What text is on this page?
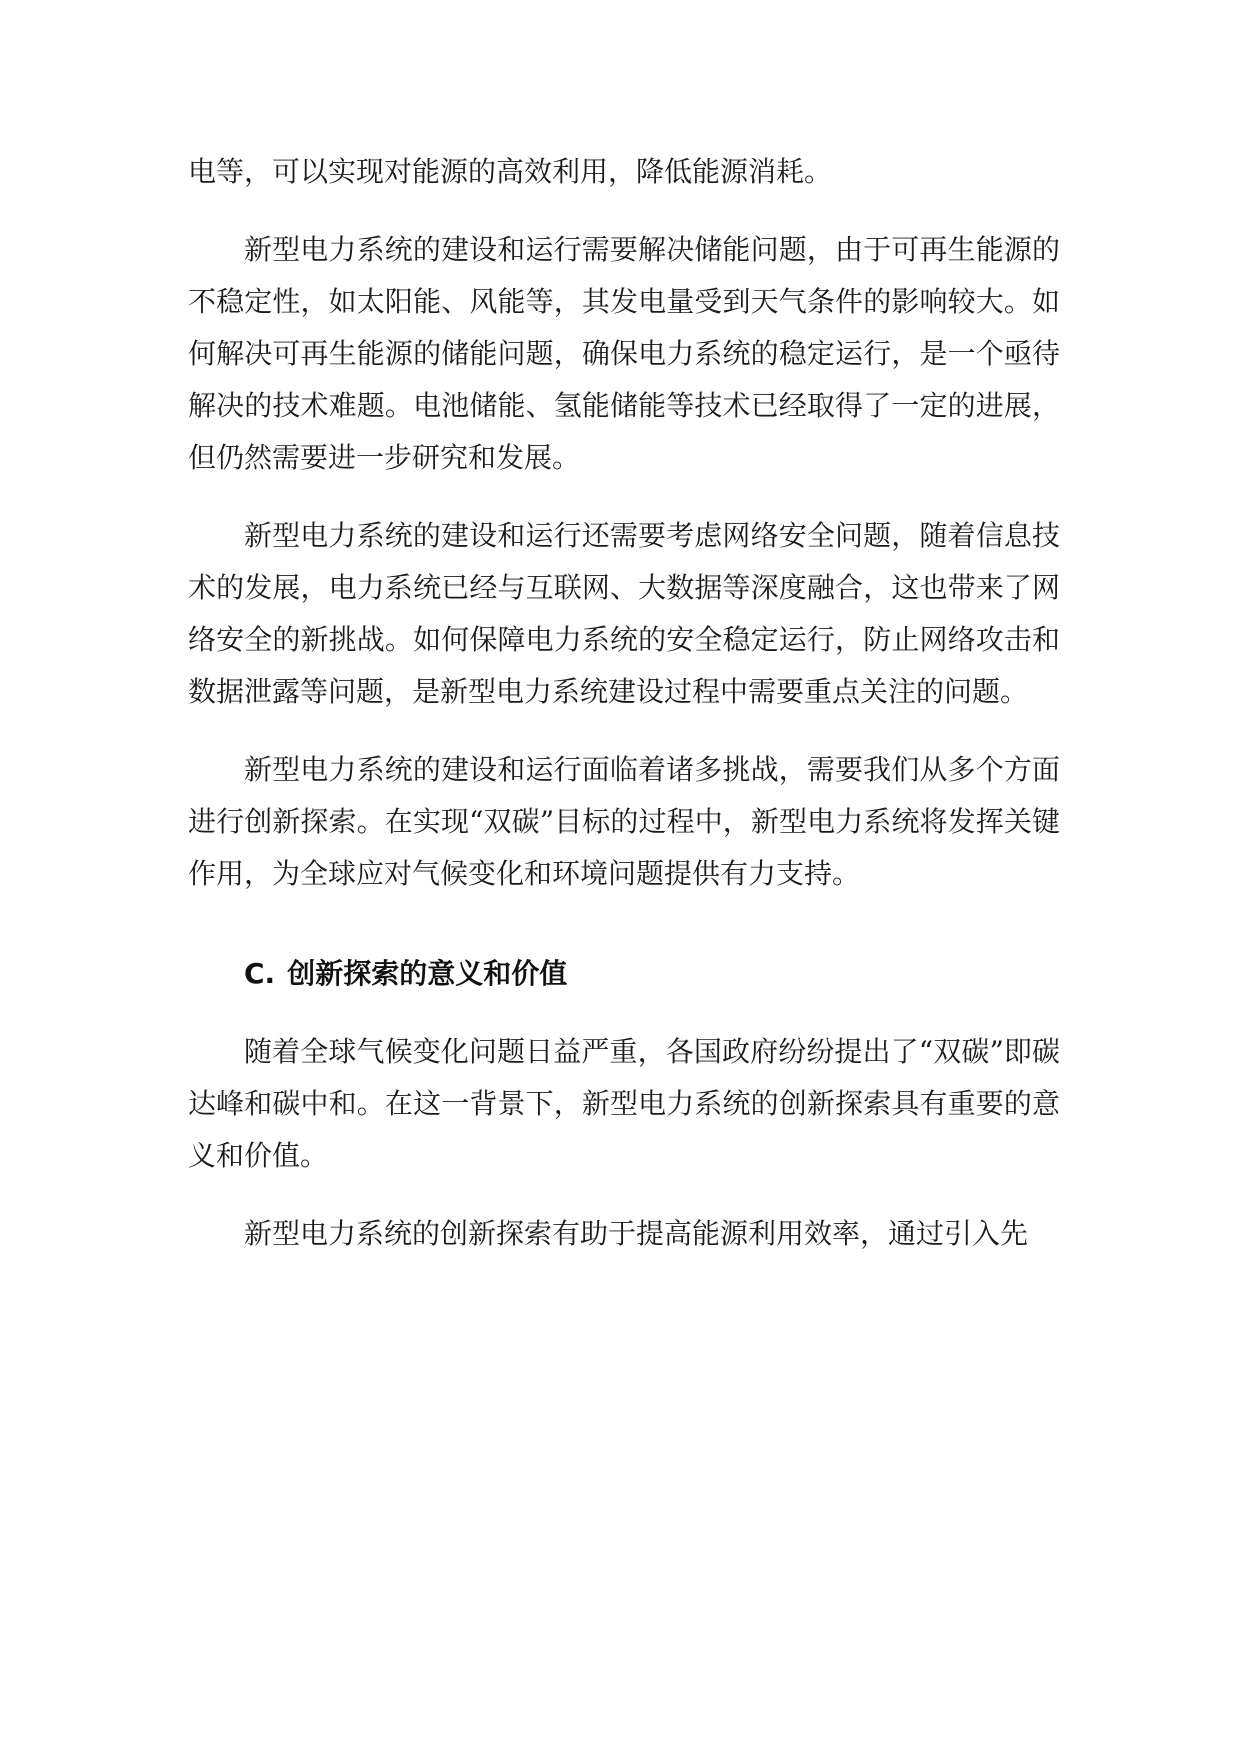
电等，可以实现对能源的高效利用，降低能源消耗。

新型电力系统的建设和运行需要解决储能问题，由于可再生能源的不稳定性，如太阳能、风能等，其发电量受到天气条件的影响较大。如何解决可再生能源的储能问题，确保电力系统的稳定运行，是一个亟待解决的技术难题。电池储能、氢能储能等技术已经取得了一定的进展，但仍然需要进一步研究和发展。

新型电力系统的建设和运行还需要考虑网络安全问题，随着信息技术的发展，电力系统已经与互联网、大数据等深度融合，这也带来了网络安全的新挑战。如何保障电力系统的安全稳定运行，防止网络攻击和数据泄露等问题，是新型电力系统建设过程中需要重点关注的问题。

新型电力系统的建设和运行面临着诸多挑战，需要我们从多个方面进行创新探索。在实现“双碳”目标的过程中，新型电力系统将发挥关键作用，为全球应对气候变化和环境问题提供有力支持。

C. 创新探索的意义和价值

随着全球气候变化问题日益严重，各国政府纷纷提出了“双碳”即碳达峰和碳中和。在这一背景下，新型电力系统的创新探索具有重要的意义和价值。

新型电力系统的创新探索有助于提高能源利用效率，通过引入先
